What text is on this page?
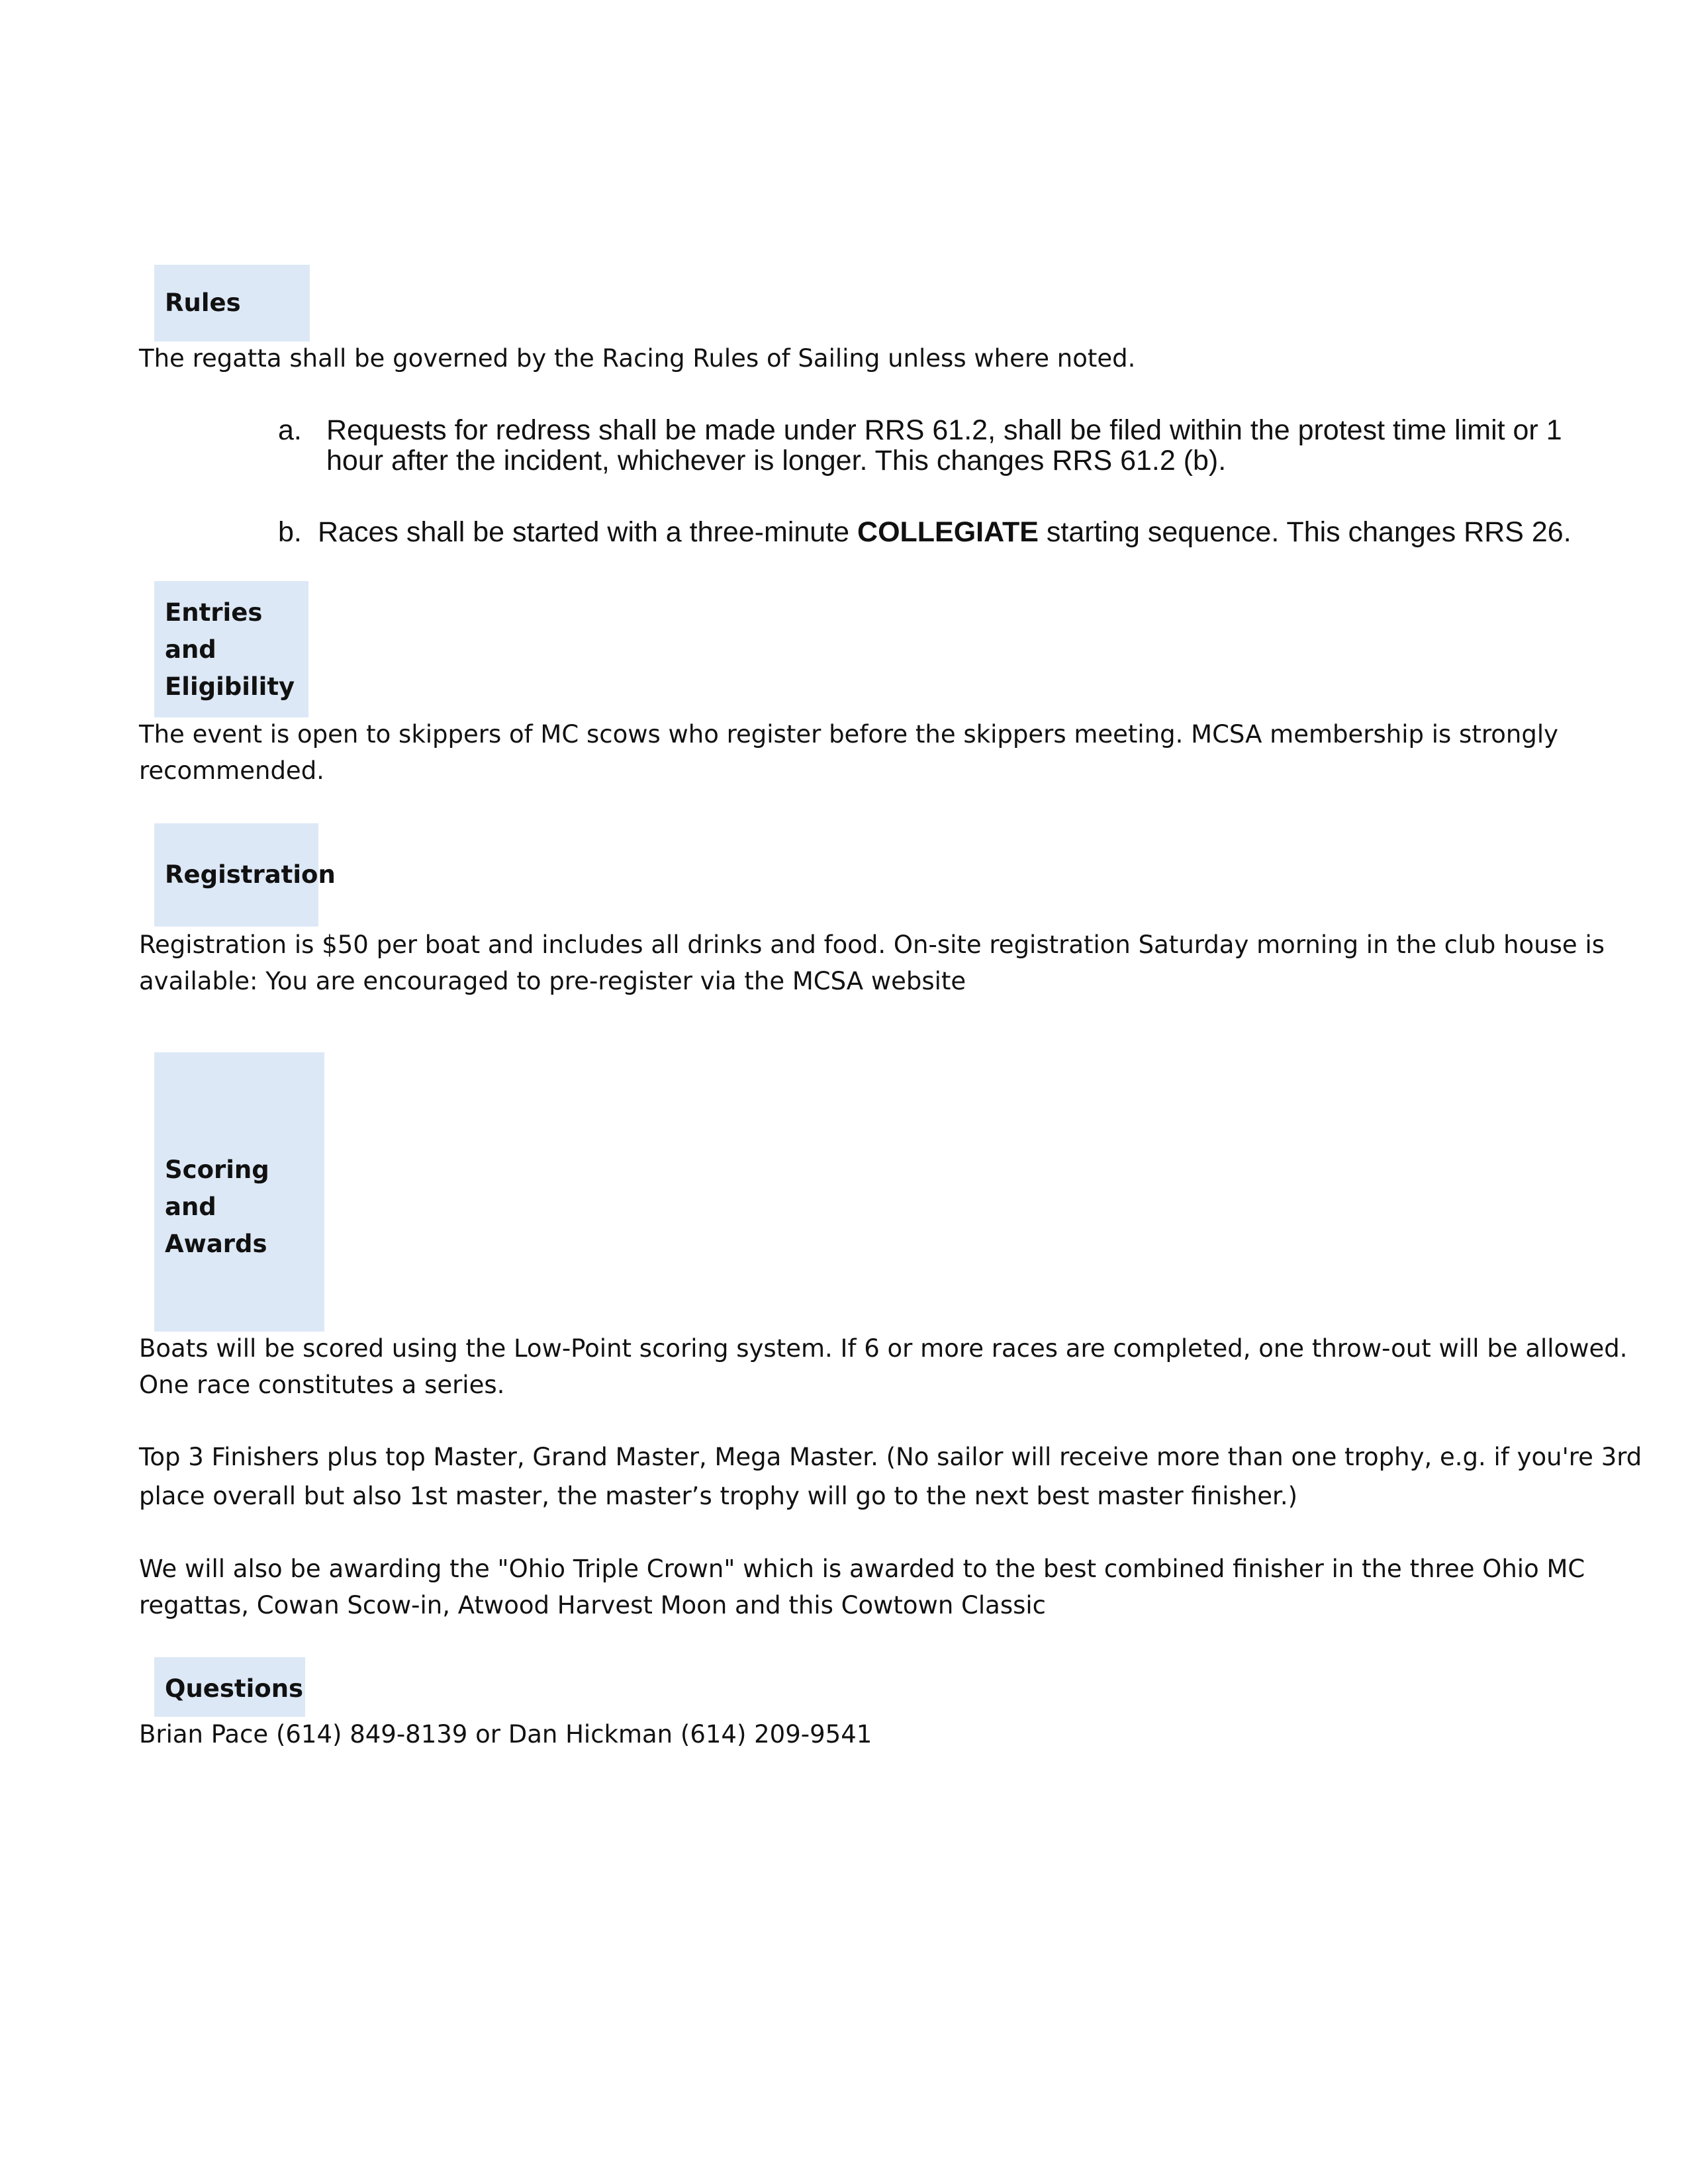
Rules
The regatta shall be governed by the Racing Rules of Sailing unless where noted.
a. Requests for redress shall be made under RRS 61.2, shall be filed within the protest time limit or 1
hour after the incident, whichever is longer. This changes RRS 61.2 (b).
b. Races shall be started with a three-minute COLLEGIATE starting sequence. This changes RRS 26.
Entries and
Eligibility
The event is open to skippers of MC scows who register before the skippers meeting. MCSA membership is strongly
recommended.
Registration
Registration is $50 per boat and includes all drinks and food. On-site registration Saturday morning in the club house is
available: You are encouraged to pre-register via the MCSA website
Scoring and
Awards
Boats will be scored using the Low-Point scoring system. If 6 or more races are completed, one throw-out will be allowed.
One race constitutes a series.
Top 3 Finishers plus top Master, Grand Master, Mega Master. (No sailor will receive more than one trophy, e.g. if you're 3rd
place overall but also 1st master, the master’s trophy will go to the next best master finisher.)
We will also be awarding the "Ohio Triple Crown" which is awarded to the best combined finisher in the three Ohio MC
regattas, Cowan Scow-in, Atwood Harvest Moon and this Cowtown Classic
Questions
Brian Pace (614) 849-8139 or Dan Hickman (614) 209-9541
